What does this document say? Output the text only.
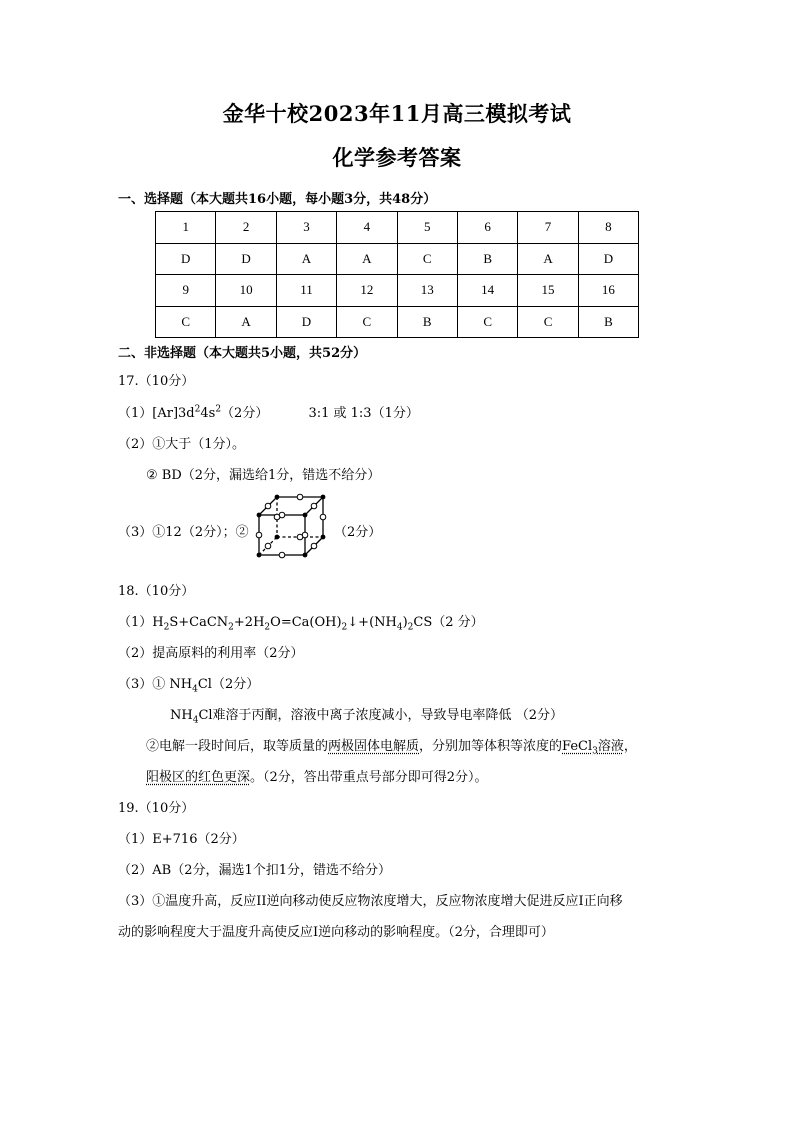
金华十校2023年11月高三模拟考试
化学参考答案
一、选择题（本大题共16小题，每小题3分，共48分）
1	2	3	4	5	6	7	8
D	D	A	A	C	B	A	D
9	10	11	12	13	14	15	16
C	A	D	C	B	C	C	B
二、非选择题（本大题共5小题，共52分）
17.（10分）
$(1)[Ar]3d^24s^2(2$分）	3:1 或 1:3（1分）
（2）①大于（1分）。
② BD（2分，漏选给1分，错选不给分）
（3）①12（2分）；②	（2分）
18.（10分）
$(1)H_2S+CaCN_2+2H_2O=Ca(OH)_2↓+(NH_4)_2CS(2$ 分）
（2）提高原料的利用率（2分）
（3）① $NH_4Cl(2$分）
$NH_4Cl$难溶于丙酮，溶液中离子浓度减小，导致导电率降低 （2分）
②电解一段时间后，取等质量的两极固体电解质，分别加等体积等浓度的FeCl$_3$溶液，
阳极区的红色更深。（2分，答出带重点号部分即可得2分）。
19.（10分）
（1）E+716（2分）
（2）AB（2分，漏选1个扣1分，错选不给分）
（3）①温度升高，反应II逆向移动使反应物浓度增大，反应物浓度增大促进反应I正向移
动的影响程度大于温度升高使反应I逆向移动的影响程度。（2分，合理即可）
